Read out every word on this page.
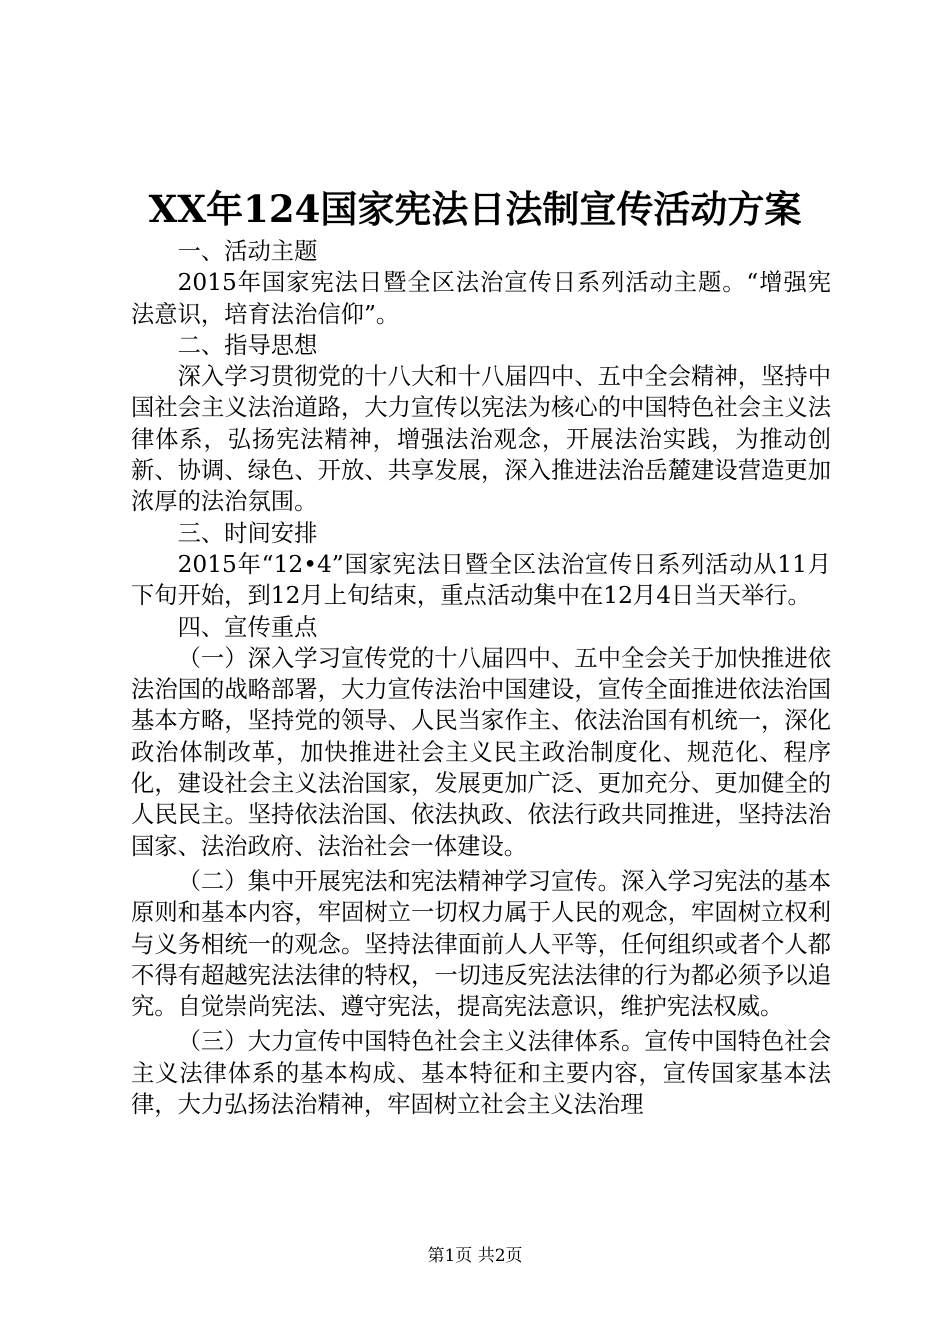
XX年124国家宪法日法制宣传活动方案

一、活动主题

2015年国家宪法日暨全区法治宣传日系列活动主题。“增强宪法意识，培育法治信仰”。

二、指导思想

深入学习贯彻党的十八大和十八届四中、五中全会精神，坚持中国社会主义法治道路，大力宣传以宪法为核心的中国特色社会主义法律体系，弘扬宪法精神，增强法治观念，开展法治实践，为推动创新、协调、绿色、开放、共享发展，深入推进法治岳麓建设营造更加浓厚的法治氛围。

三、时间安排

2015年“12•4”国家宪法日暨全区法治宣传日系列活动从11月下旬开始，到12月上旬结束，重点活动集中在12月4日当天举行。

四、宣传重点

（一）深入学习宣传党的十八届四中、五中全会关于加快推进依法治国的战略部署，大力宣传法治中国建设，宣传全面推进依法治国基本方略，坚持党的领导、人民当家作主、依法治国有机统一，深化政治体制改革，加快推进社会主义民主政治制度化、规范化、程序化，建设社会主义法治国家，发展更加广泛、更加充分、更加健全的人民民主。坚持依法治国、依法执政、依法行政共同推进，坚持法治国家、法治政府、法治社会一体建设。

（二）集中开展宪法和宪法精神学习宣传。深入学习宪法的基本原则和基本内容，牢固树立一切权力属于人民的观念，牢固树立权利与义务相统一的观念。坚持法律面前人人平等，任何组织或者个人都不得有超越宪法法律的特权，一切违反宪法法律的行为都必须予以追究。自觉崇尚宪法、遵守宪法，提高宪法意识，维护宪法权威。

（三）大力宣传中国特色社会主义法律体系。宣传中国特色社会主义法律体系的基本构成、基本特征和主要内容，宣传国家基本法律，大力弘扬法治精神，牢固树立社会主义法治理

第1页 共2页
